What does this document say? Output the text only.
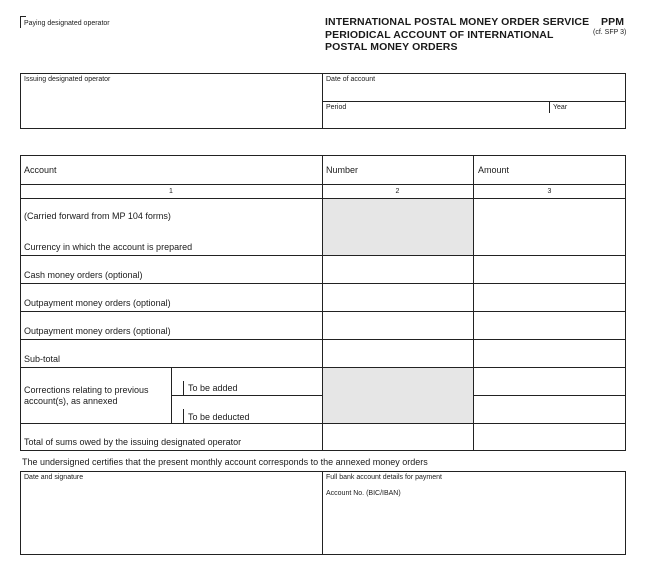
Paying designated operator	INTERNATIONAL POSTAL MONEY ORDER SERVICE
PERIODICAL ACCOUNT OF INTERNATIONAL
POSTAL MONEY ORDERS
PPM
(cf. SFP 3)
Issuing designated operator	Date of account
Period	Year
Account	Number	Amount
1	2	3
(Carried forward from MP 104 forms)
Currency in which the account is prepared
Cash money orders (optional)
Outpayment money orders (optional)
Outpayment money orders (optional)
Sub-total
Corrections relating to previous
account(s), as annexed
To be added
To be deducted
Total of sums owed by the issuing designated operator
The undersigned certifies that the present monthly account corresponds to the annexed money orders
Date and signature	Full bank account details for payment
Account No. (BIC/IBAN)
